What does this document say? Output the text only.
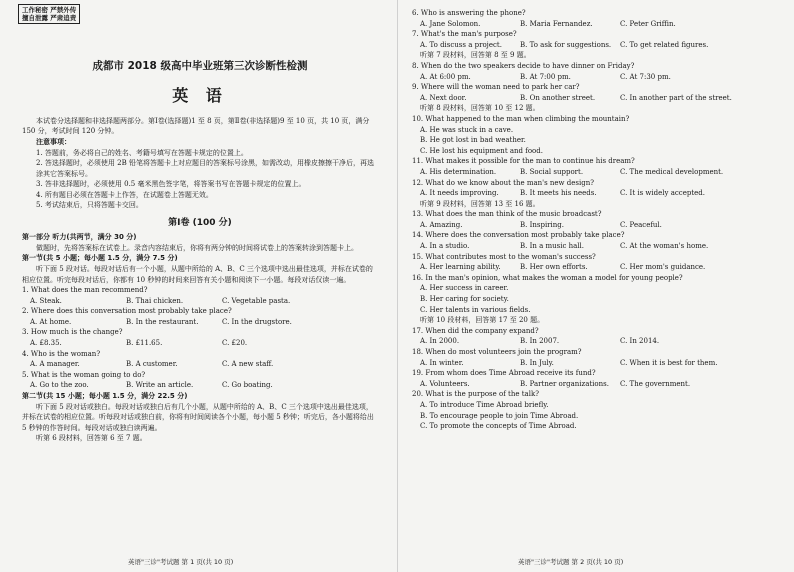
工作秘密 严禁外传
擅自泄露 严肃追责
成都市 2018 级高中毕业班第三次诊断性检测
英 语

本试卷分选择题和非选择题两部分。第Ⅰ卷(选择题)1 至 8 页，第Ⅱ卷(非选择题)9 至 10 页，共 10 页，满分 150 分，考试时间 120 分钟。

注意事项：

1. 答题前，务必将自己的姓名、考籍号填写在答题卡规定的位置上。

2. 答选择题时，必须使用 2B 铅笔将答题卡上对应题目的答案标号涂黑，如需改动，用橡皮擦擦干净后，再选涂其它答案标号。

3. 答非选择题时，必须使用 0.5 毫米黑色签字笔，将答案书写在答题卡规定的位置上。

4. 所有题目必须在答题卡上作答，在试题卷上答题无效。

5. 考试结束后，只将答题卡交回。

第Ⅰ卷 (100 分)

第一部分 听力(共两节，满分 30 分)

做题时，先将答案标在试卷上。录音内容结束后，你将有两分钟的时间将试卷上的答案转涂到答题卡上。

第一节(共 5 小题；每小题 1.5 分，满分 7.5 分)

听下面 5 段对话。每段对话后有一个小题，从题中所给的 A、B、C 三个选项中选出最佳选项，并标在试卷的相应位置。听完每段对话后，你都有 10 秒钟的时间来回答有关小题和阅读下一小题。每段对话仅读一遍。

1. What does the man recommend?

A. Steak.	B. Thai chicken.	C. Vegetable pasta.

2. Where does this conversation most probably take place?

A. At home.	B. In the restaurant.	C. In the drugstore.

3. How much is the change?

A. £8.35.	B. £11.65.	C. £20.

4. Who is the woman?

A. A manager.	B. A customer.	C. A new staff.

5. What is the woman going to do?

A. Go to the zoo.	B. Write an article.	C. Go boating.

第二节(共 15 小题；每小题 1.5 分，满分 22.5 分)

听下面 5 段对话或独白。每段对话或独白后有几个小题，从题中所给的 A、B、C 三个选项中选出最佳选项，并标在试卷的相应位置。听每段对话或独白前，你将有时间阅读各个小题，每小题 5 秒钟；听完后，各小题将给出 5 秒钟的作答时间。每段对话或独白读两遍。

听第 6 段材料，回答第 6 至 7 题。

英语"三诊"考试题 第 1 页(共 10 页)

6. Who is answering the phone?

A. Jane Solomon.	B. Maria Fernandez.	C. Peter Griffin.

7. What's the man's purpose?

A. To discuss a project.	B. To ask for suggestions.	C. To get related figures.

听第 7 段材料，回答第 8 至 9 题。

8. When do the two speakers decide to have dinner on Friday?

A. At 6:00 pm.	B. At 7:00 pm.	C. At 7:30 pm.

9. Where will the woman need to park her car?

A. Next door.	B. On another street.	C. In another part of the street.

听第 8 段材料，回答第 10 至 12 题。

10. What happened to the man when climbing the mountain?

A. He was stuck in a cave.

B. He got lost in bad weather.

C. He lost his equipment and food.

11. What makes it possible for the man to continue his dream?

A. His determination.	B. Social support.	C. The medical development.

12. What do we know about the man's new design?

A. It needs improving.	B. It meets his needs.	C. It is widely accepted.

听第 9 段材料，回答第 13 至 16 题。

13. What does the man think of the music broadcast?

A. Amazing.	B. Inspiring.	C. Peaceful.

14. Where does the conversation most probably take place?

A. In a studio.	B. In a music hall.	C. At the woman's home.

15. What contributes most to the woman's success?

A. Her learning ability.	B. Her own efforts.	C. Her mom's guidance.

16. In the man's opinion, what makes the woman a model for young people?

A. Her success in career.

B. Her caring for society.

C. Her talents in various fields.

听第 10 段材料，回答第 17 至 20 题。

17. When did the company expand?

A. In 2000.	B. In 2007.	C. In 2014.

18. When do most volunteers join the program?

A. In winter.	B. In July.	C. When it is best for them.

19. From whom does Time Abroad receive its fund?

A. Volunteers.	B. Partner organizations.	C. The government.

20. What is the purpose of the talk?

A. To introduce Time Abroad briefly.

B. To encourage people to join Time Abroad.

C. To promote the concepts of Time Abroad.

英语"三诊"考试题 第 2 页(共 10 页)
